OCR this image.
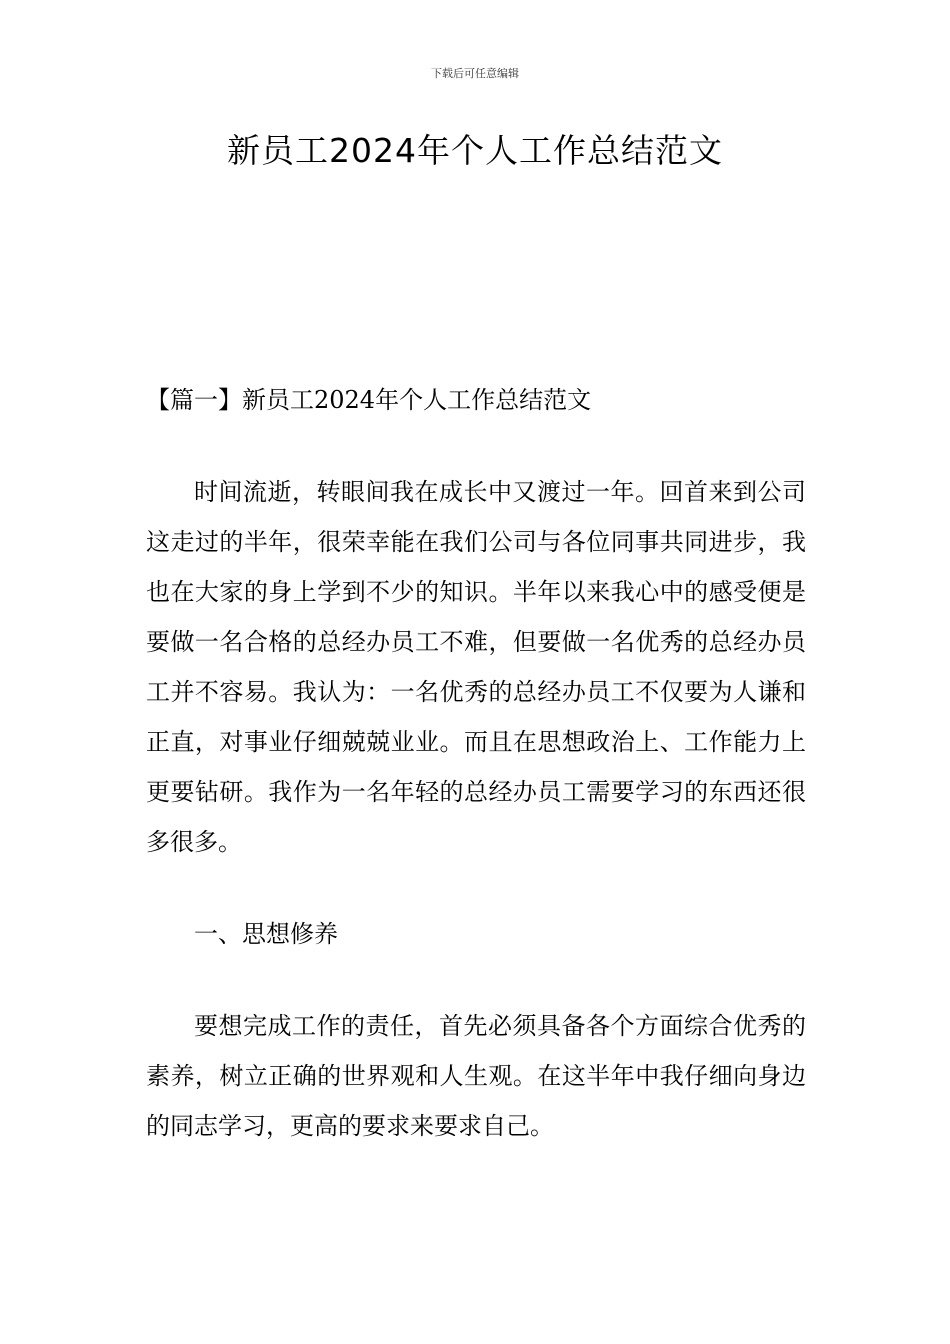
下载后可任意编辑
新员工2024年个人工作总结范文

【篇一】新员工2024年个人工作总结范文

时间流逝，转眼间我在成长中又渡过一年。回首来到公司这走过的半年，很荣幸能在我们公司与各位同事共同进步，我也在大家的身上学到不少的知识。半年以来我心中的感受便是要做一名合格的总经办员工不难，但要做一名优秀的总经办员工并不容易。我认为：一名优秀的总经办员工不仅要为人谦和正直，对事业仔细兢兢业业。而且在思想政治上、工作能力上更要钻研。我作为一名年轻的总经办员工需要学习的东西还很多很多。

一、思想修养

要想完成工作的责任，首先必须具备各个方面综合优秀的素养，树立正确的世界观和人生观。在这半年中我仔细向身边的同志学习，更高的要求来要求自己。
